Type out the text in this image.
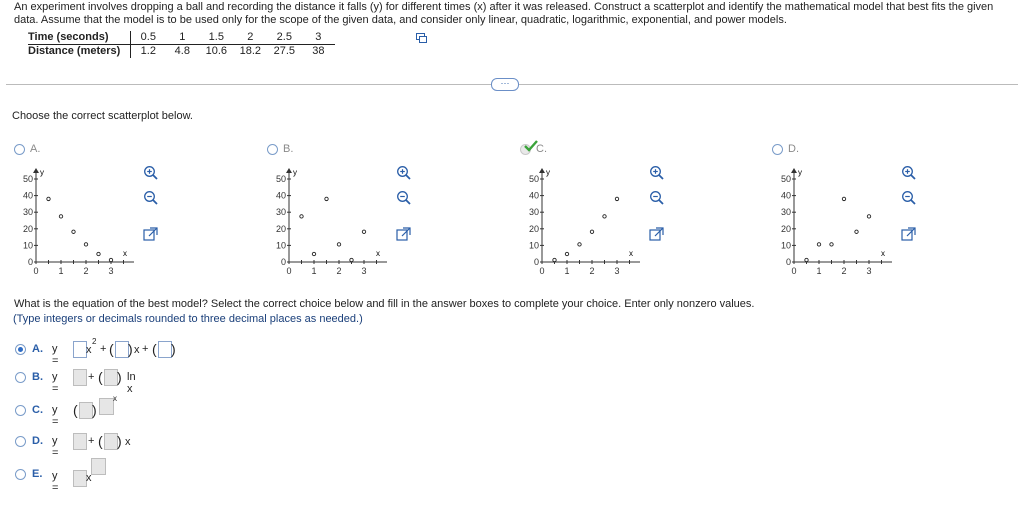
An experiment involves dropping a ball and recording the distance it falls (y) for different times (x) after it was released. Construct a scatterplot and identify the mathematical model that best fits the given data. Assume that the model is to be used only for the scope of the given data, and consider only linear, quadratic, logarithmic, exponential, and power models.
Time (seconds)	0.5	1	1.5	2	2.5	3
Distance (meters)	1.2	4.8	10.6	18.2	27.5	38
···
Choose the correct scatterplot below.
A.
y
x
50
40
30
20
10
0
0 1 2 3
B.
y
x
50
40
30
20
10
0
0 1 2 3
C.
y
x
50
40
30
20
10
0
0 1 2 3
D.
y
x
50
40
30
20
10
0
0 1 2 3
What is the equation of the best model? Select the correct choice below and fill in the answer boxes to complete your choice. Enter only nonzero values.
(Type integers or decimals rounded to three decimal places as needed.)
A. y =
x
2
+ ( ) x + ( )
B. y =
+ ( ) ln x
C. y =
( )
x
D. y =
+ ( ) x
E. y =
x
